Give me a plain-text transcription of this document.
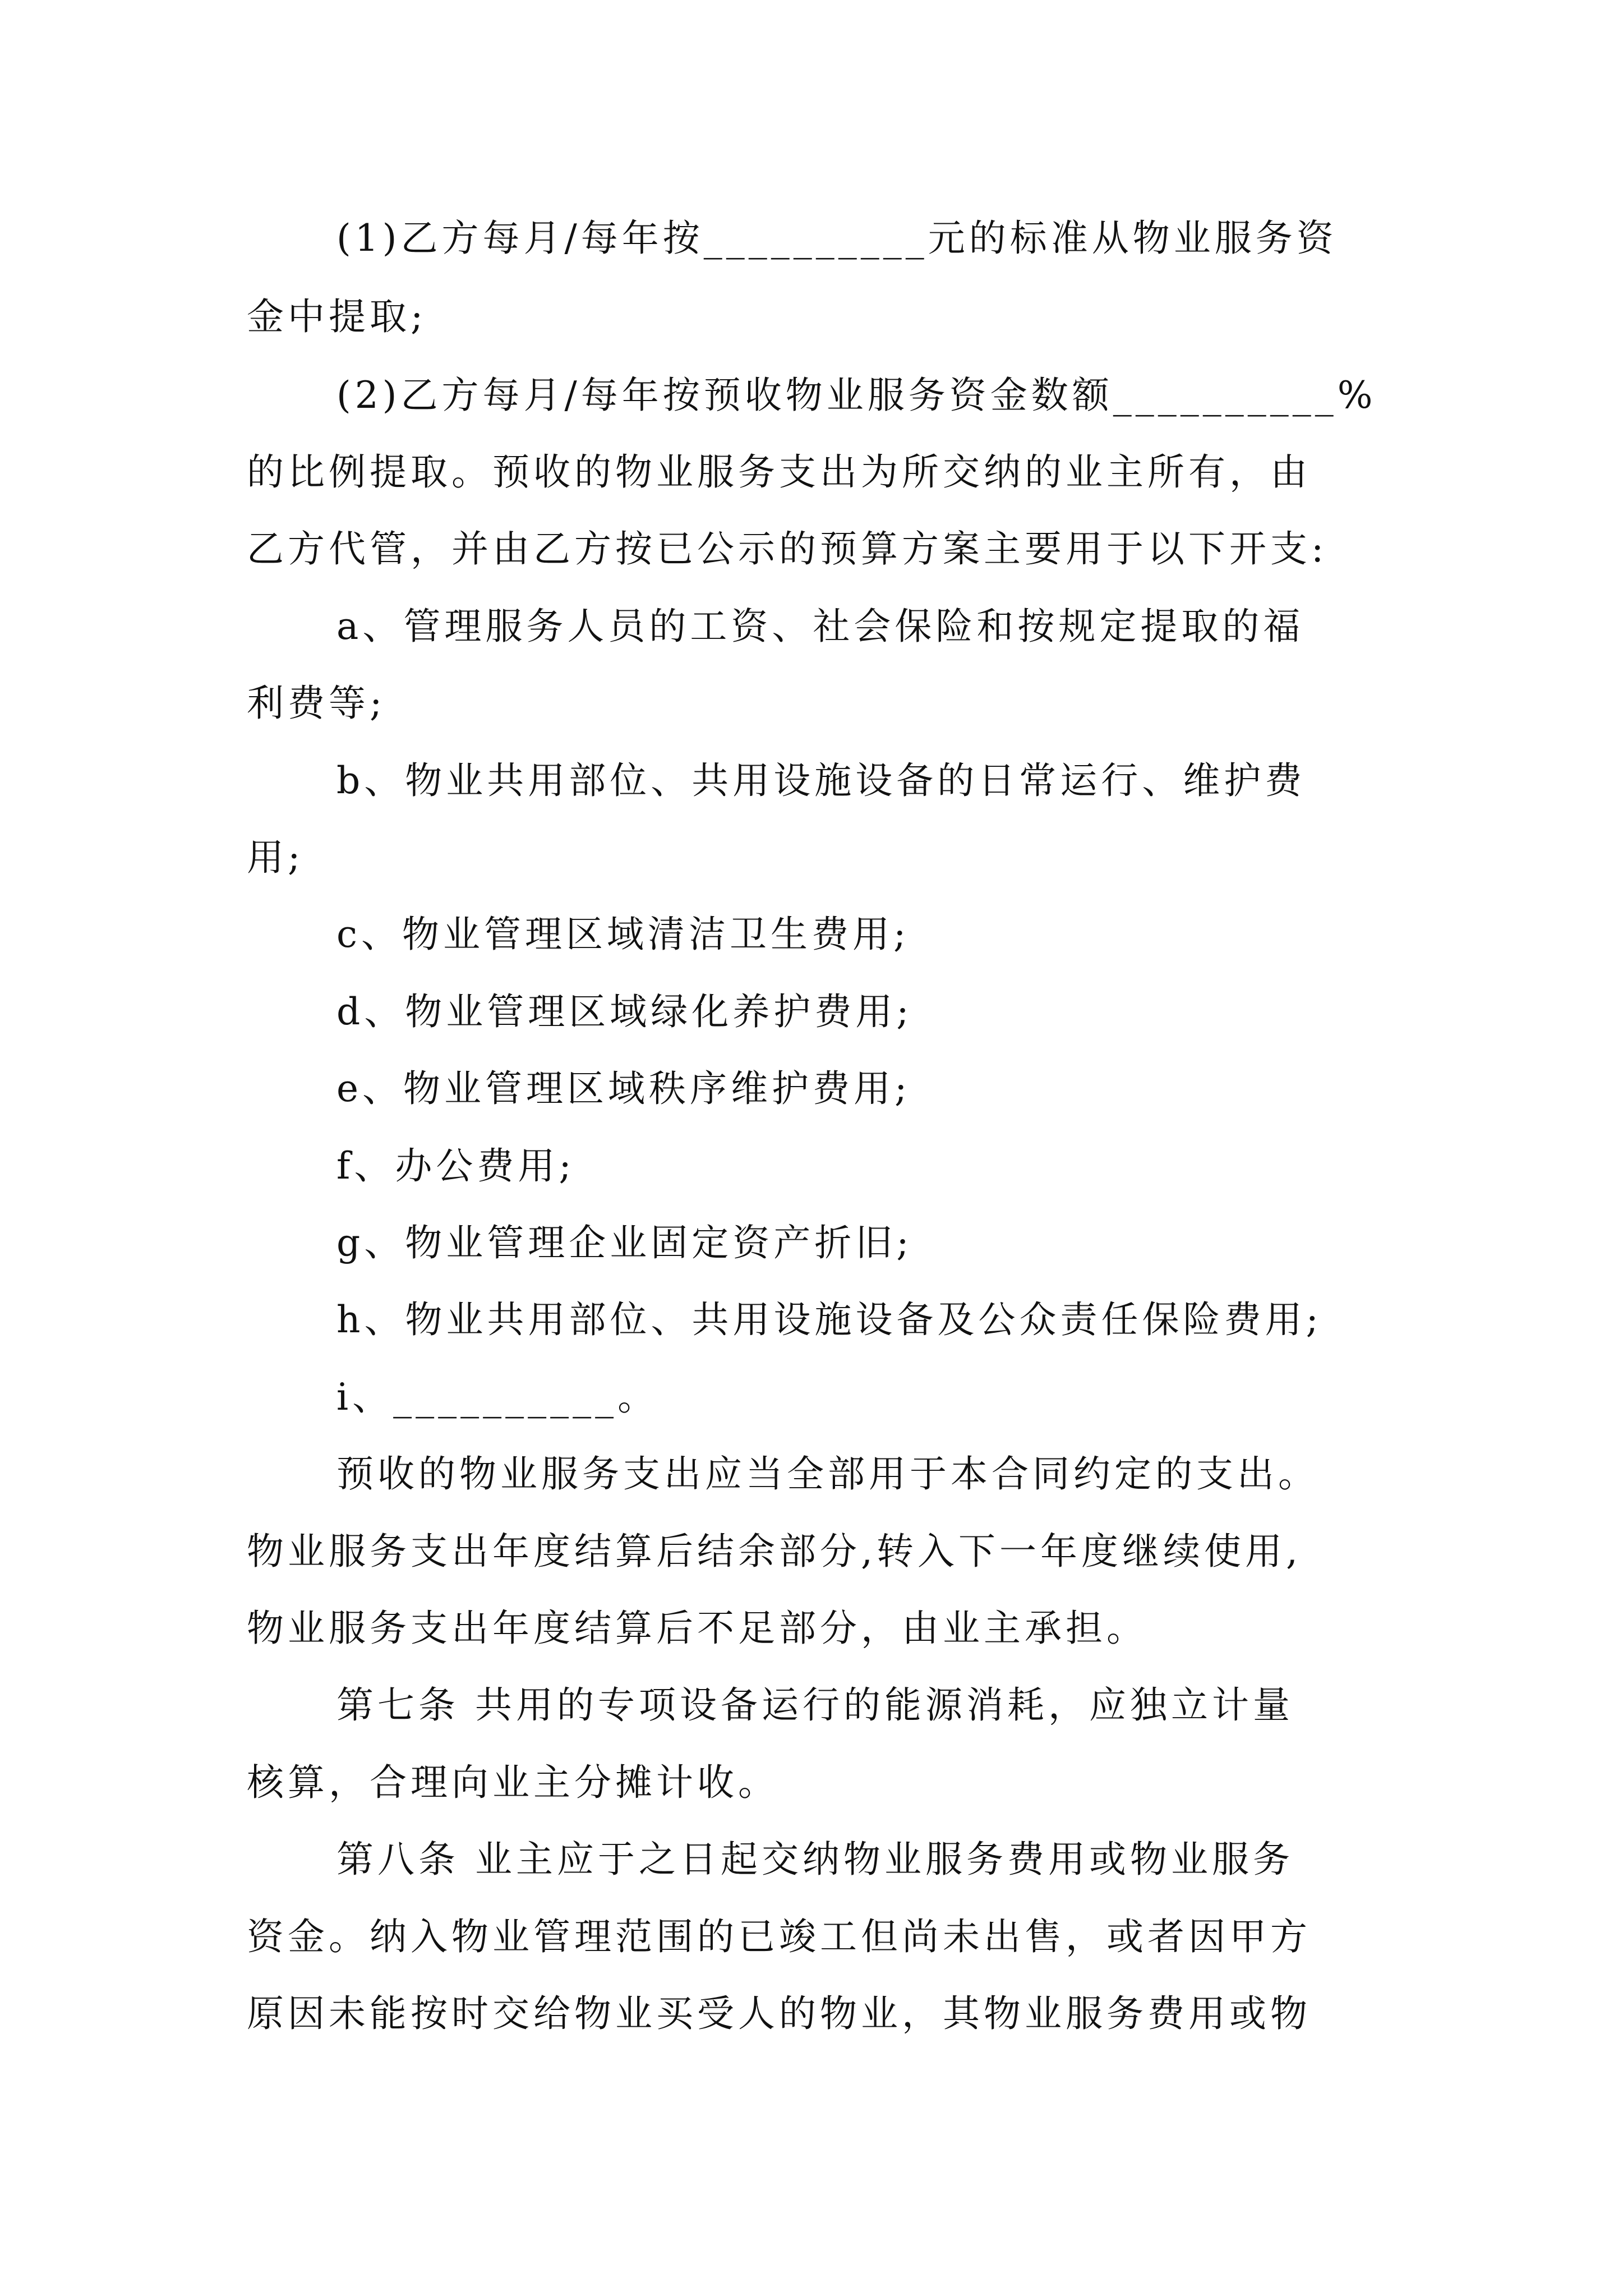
(1)乙方每月/每年按__________元的标准从物业服务资
金中提取;
(2)乙方每月/每年按预收物业服务资金数额__________%
的比例提取。预收的物业服务支出为所交纳的业主所有，由
乙方代管，并由乙方按已公示的预算方案主要用于以下开支:
a、管理服务人员的工资、社会保险和按规定提取的福
利费等;
b、物业共用部位、共用设施设备的日常运行、维护费
用;
c、物业管理区域清洁卫生费用;
d、物业管理区域绿化养护费用;
e、物业管理区域秩序维护费用;
f、办公费用;
g、物业管理企业固定资产折旧;
h、物业共用部位、共用设施设备及公众责任保险费用;
i、__________。
预收的物业服务支出应当全部用于本合同约定的支出。
物业服务支出年度结算后结余部分,转入下一年度继续使用,
物业服务支出年度结算后不足部分，由业主承担。
第七条 共用的专项设备运行的能源消耗，应独立计量
核算，合理向业主分摊计收。
第八条 业主应于之日起交纳物业服务费用或物业服务
资金。纳入物业管理范围的已竣工但尚未出售，或者因甲方
原因未能按时交给物业买受人的物业，其物业服务费用或物
